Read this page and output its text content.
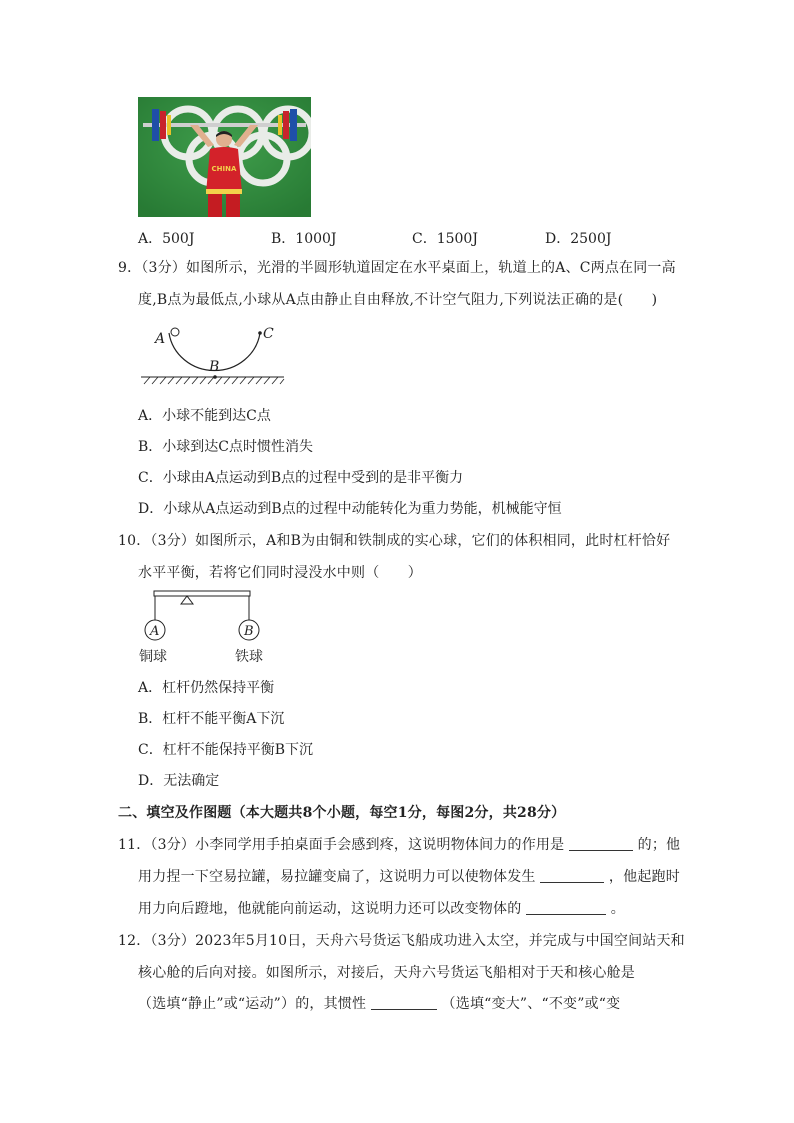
CHINA
A．500J	B．1000J	C．1500J	D．2500J
9．（3分）如图所示，光滑的半圆形轨道固定在水平桌面上，轨道上的A、C两点在同一高
度,B点为最低点,小球从A点由静止自由释放,不计空气阻力,下列说法正确的是(　　)
A
B
C
A．小球不能到达C点
B．小球到达C点时惯性消失
C．小球由A点运动到B点的过程中受到的是非平衡力
D．小球从A点运动到B点的过程中动能转化为重力势能，机械能守恒
10．（3分）如图所示，A和B为由铜和铁制成的实心球，它们的体积相同，此时杠杆恰好
水平平衡，若将它们同时浸没水中则（　　）
A	B
铜球	铁球
A．杠杆仍然保持平衡
B．杠杆不能平衡A下沉
C．杠杆不能保持平衡B下沉
D．无法确定
二、填空及作图题（本大题共8个小题，每空1分，每图2分，共28分）
11．（3分）小李同学用手拍桌面手会感到疼，这说明物体间力的作用是	的；他
用力捏一下空易拉罐，易拉罐变扁了，这说明力可以使物体发生	，他起跑时
用力向后蹬地，他就能向前运动，这说明力还可以改变物体的	。
12．（3分）2023年5月10日，天舟六号货运飞船成功进入太空，并完成与中国空间站天和
核心舱的后向对接。如图所示，对接后，天舟六号货运飞船相对于天和核心舱是
（选填“静止”或“运动”）的，其惯性	（选填“变大”、“不变”或“变
